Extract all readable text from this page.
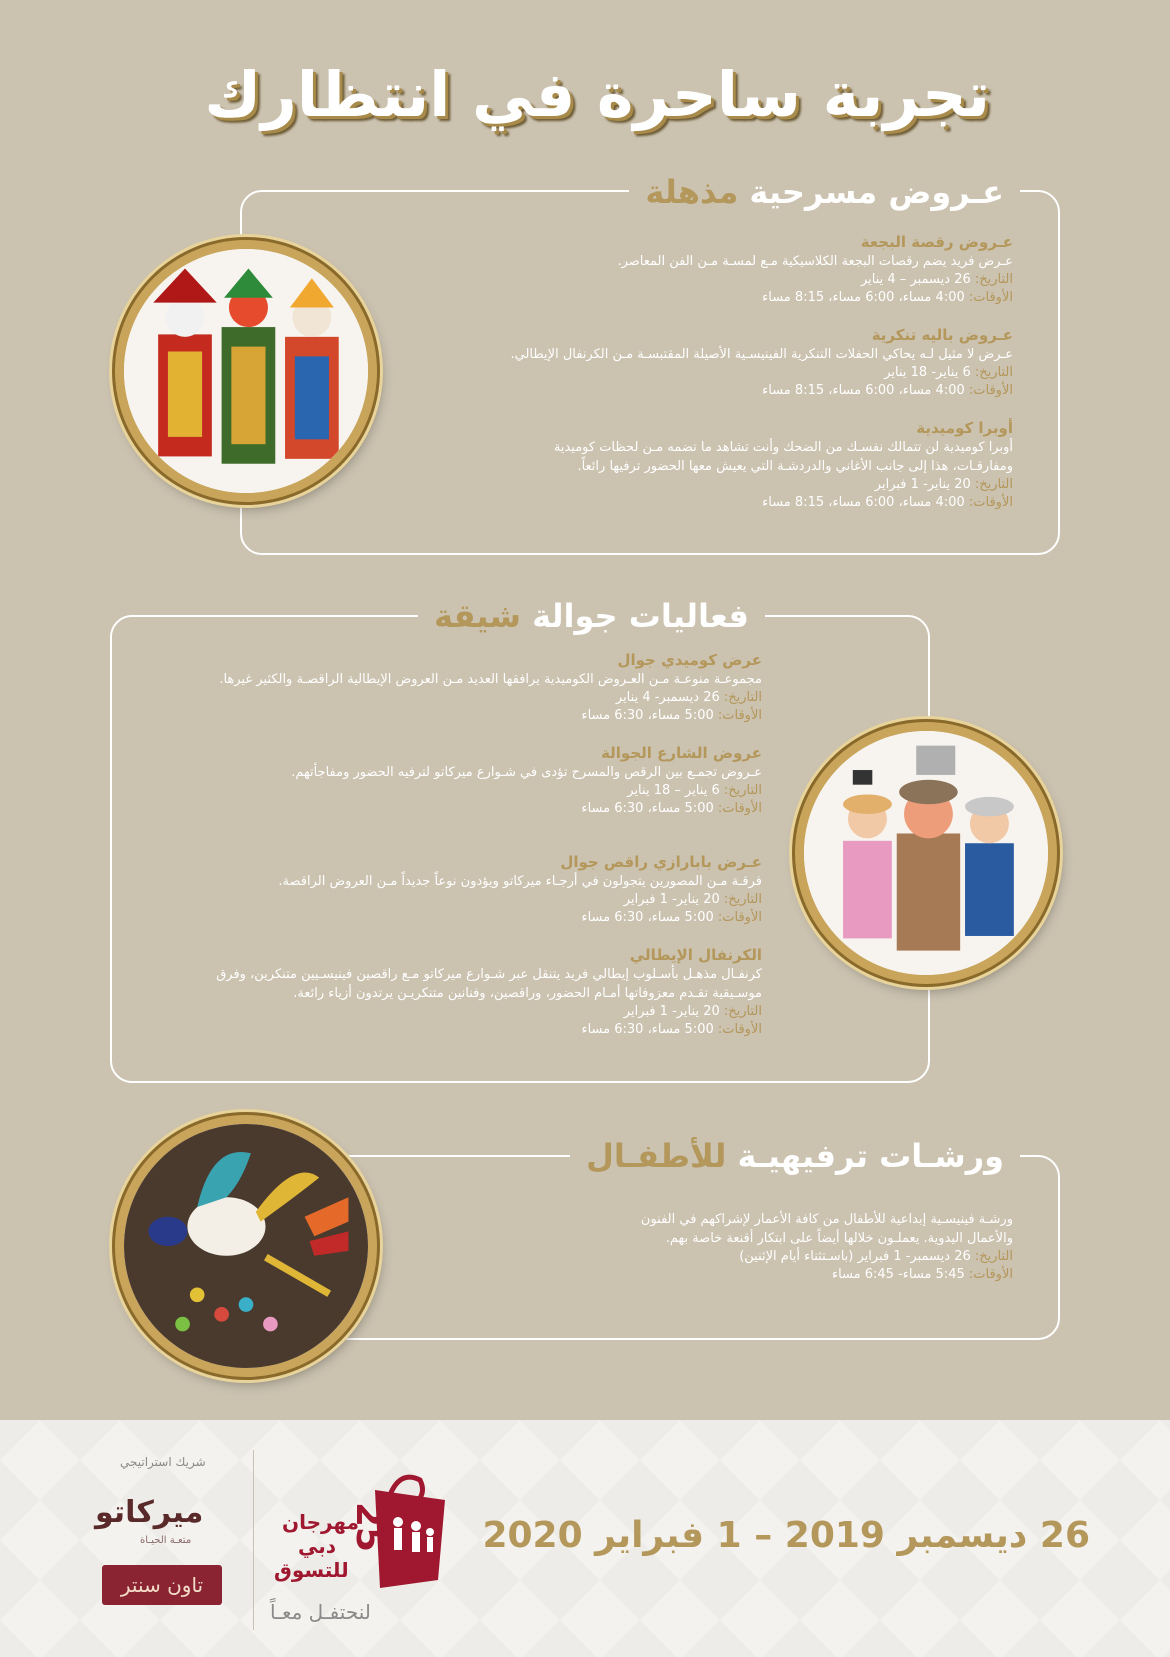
تجربة ساحرة في انتظارك
عـروض مسرحية مذهلة
عـروض رقصة البجعة
عـرض فريد يضم رقصات البجعة الكلاسيكية مـع لمسـة مـن الفن المعاصر.
التاريخ: 26 ديسمبر – 4 يناير
الأوقات: 4:00 مساء، 6:00 مساء، 8:15 مساء
عـروض باليه تنكرية
عـرض لا مثيل لـه يحاكي الحفلات التنكرية الفينيسـية الأصيلة المقتبسـة مـن الكرنفال الإيطالي.
التاريخ: 6 يناير- 18 يناير
الأوقات: 4:00 مساء، 6:00 مساء، 8:15 مساء
أوبرا كوميدية
أوبرا كوميدية لن تتمالك نفسـك من الضحك وأنت تشاهد ما تضمه مـن لحظات كوميدية
ومفارقـات، هذا إلى جانب الأغاني والدردشـة التي يعيش معها الحضور ترفيها رائعاً.
التاريخ: 20 يناير- 1 فبراير
الأوقات: 4:00 مساء، 6:00 مساء، 8:15 مساء
فعاليات جوالة شيقة
عرض كوميدي جوال
مجموعـة منوعـة مـن العـروض الكوميدية يرافقها العديد مـن العروض الإيطالية الراقصـة والكثير غيرها.
التاريخ: 26 ديسمبر- 4 يناير
الأوقات: 5:00 مساء، 6:30 مساء
عروض الشارع الجوالة
عـروض تجمـع بين الرقص والمسرح تؤدى في شـوارع ميركاتو لترفيه الحضور ومفاجأتهم.
التاريخ: 6 يناير – 18 يناير
الأوقات: 5:00 مساء، 6:30 مساء
عـرض بابارازي راقص جوال
فرقـة مـن المصورين يتجولون في أرجـاء ميركاتو ويؤدون نوعاً جديداً مـن العروض الراقصة.
التاريخ: 20 يناير- 1 فبراير
الأوقات: 5:00 مساء، 6:30 مساء
الكرنفال الإيطالي
كرنفـال مذهـل بأسـلوب إيطالي فريد يتنقل عبر شـوارع ميركاتو مـع راقصين فينيسـيين متنكرين، وفرق
موسـيقية تقـدم معزوفاتها أمـام الحضور، وراقصين، وفنانين متنكريـن يرتدون أزياء رائعة.
التاريخ: 20 يناير- 1 فبراير
الأوقات: 5:00 مساء، 6:30 مساء
ورشـات ترفيهيـة للأطفـال
ورشـة فينيسـية إبداعية للأطفال من كافة الأعمار لإشراكهم في الفنون
والأعمال اليدوية. يعملـون خلالها أيضاً على ابتكار أقنعة خاصة بهم.
التاريخ: 26 ديسمبر- 1 فبراير (باسـتثناء أيام الإثنين)
الأوقات: 5:45 مساء- 6:45 مساء
26 ديسمبر 2019 – 1 فبراير 2020
25
مهرجان
دبي
للتسوق
لنحتفـل معـاً
شريك استراتيجي
ميركاتو
متعـة الحيـاة
تاون سنتر
